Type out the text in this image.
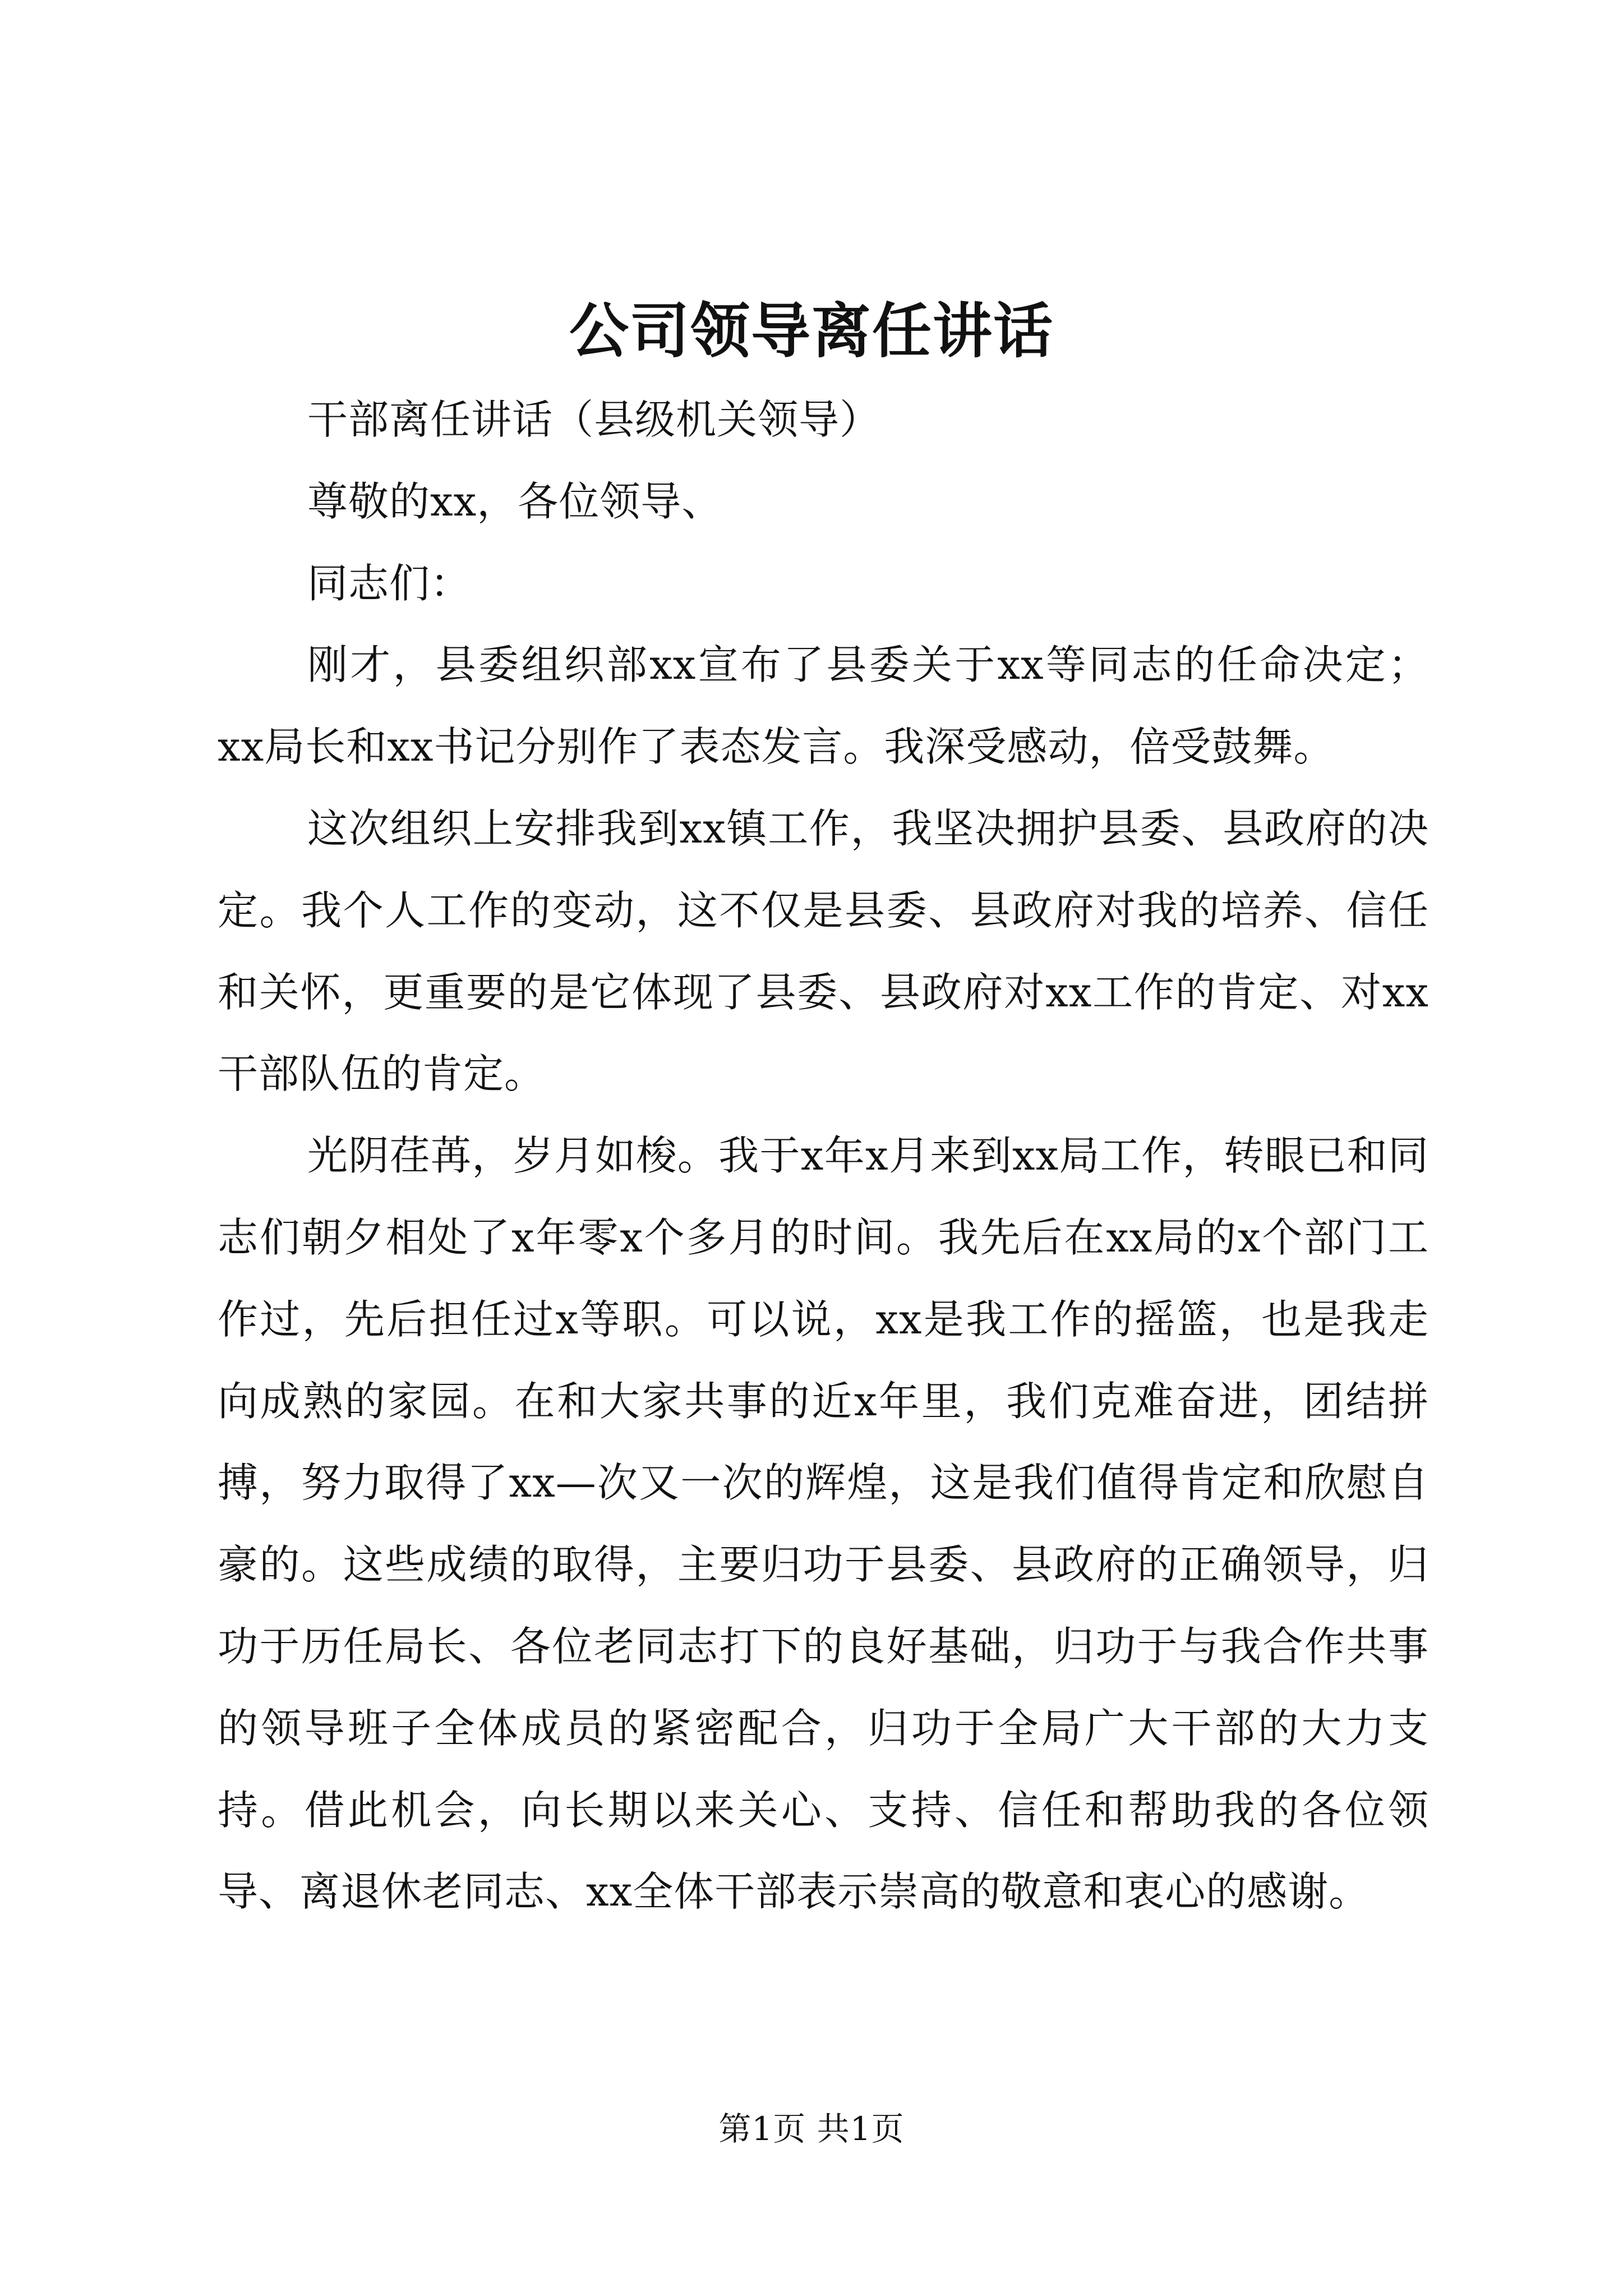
公司领导离任讲话

干部离任讲话（县级机关领导）

尊敬的xx，各位领导、

同志们：

刚才，县委组织部xx宣布了县委关于xx等同志的任命决定；xx局长和xx书记分别作了表态发言。我深受感动，倍受鼓舞。

这次组织上安排我到xx镇工作，我坚决拥护县委、县政府的决定。我个人工作的变动，这不仅是县委、县政府对我的培养、信任和关怀，更重要的是它体现了县委、县政府对xx工作的肯定、对xx干部队伍的肯定。

光阴荏苒，岁月如梭。我于x年x月来到xx局工作，转眼已和同志们朝夕相处了x年零x个多月的时间。我先后在xx局的x个部门工作过，先后担任过x等职。可以说，xx是我工作的摇篮，也是我走向成熟的家园。在和大家共事的近x年里，我们克难奋进，团结拼搏，努力取得了xx—次又一次的辉煌，这是我们值得肯定和欣慰自豪的。这些成绩的取得，主要归功于县委、县政府的正确领导，归功于历任局长、各位老同志打下的良好基础，归功于与我合作共事的领导班子全体成员的紧密配合，归功于全局广大干部的大力支持。借此机会，向长期以来关心、支持、信任和帮助我的各位领导、离退休老同志、xx全体干部表示崇高的敬意和衷心的感谢。

第1页 共1页
